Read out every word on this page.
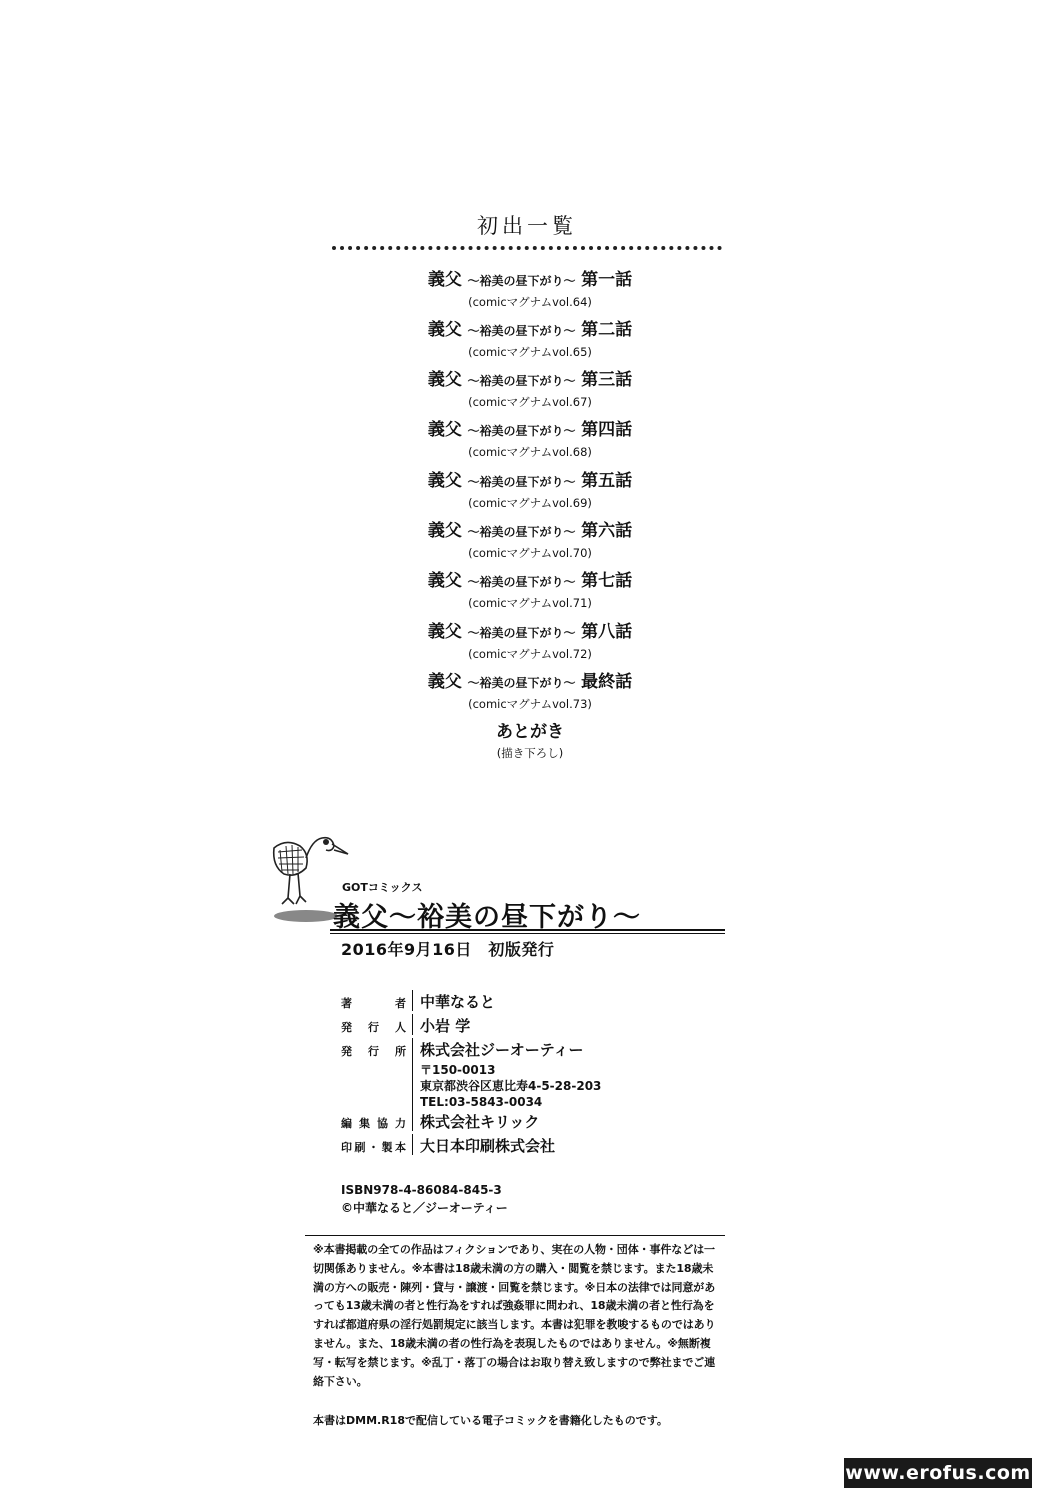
初出一覧
義父 〜裕美の昼下がり〜 第一話
(comicマグナムvol.64)
義父 〜裕美の昼下がり〜 第二話
(comicマグナムvol.65)
義父 〜裕美の昼下がり〜 第三話
(comicマグナムvol.67)
義父 〜裕美の昼下がり〜 第四話
(comicマグナムvol.68)
義父 〜裕美の昼下がり〜 第五話
(comicマグナムvol.69)
義父 〜裕美の昼下がり〜 第六話
(comicマグナムvol.70)
義父 〜裕美の昼下がり〜 第七話
(comicマグナムvol.71)
義父 〜裕美の昼下がり〜 第八話
(comicマグナムvol.72)
義父 〜裕美の昼下がり〜 最終話
(comicマグナムvol.73)
あとがき
(描き下ろし)
GOTコミックス
義父〜裕美の昼下がり〜
2016年9月16日　初版発行
著者 中華なると
発行人 小岩 学
発行所 株式会社ジーオーティー
〒150-0013
東京都渋谷区恵比寿4-5-28-203
TEL:03-5843-0034
編集協力 株式会社キリック
印刷・製本 大日本印刷株式会社
ISBN978-4-86084-845-3
©中華なると／ジーオーティー
※本書掲載の全ての作品はフィクションであり、実在の人物・団体・事件などは一切関係ありません。※本書は18歳未満の方の購入・閲覧を禁じます。また18歳未満の方への販売・陳列・貸与・譲渡・回覧を禁じます。※日本の法律では同意があっても13歳未満の者と性行為をすれば強姦罪に問われ、18歳未満の者と性行為をすれば都道府県の淫行処罰規定に該当します。本書は犯罪を教唆するものではありません。また、18歳未満の者の性行為を表現したものではありません。※無断複写・転写を禁じます。※乱丁・落丁の場合はお取り替え致しますので弊社までご連絡下さい。
本書はDMM.R18で配信している電子コミックを書籍化したものです。
www.erofus.com
